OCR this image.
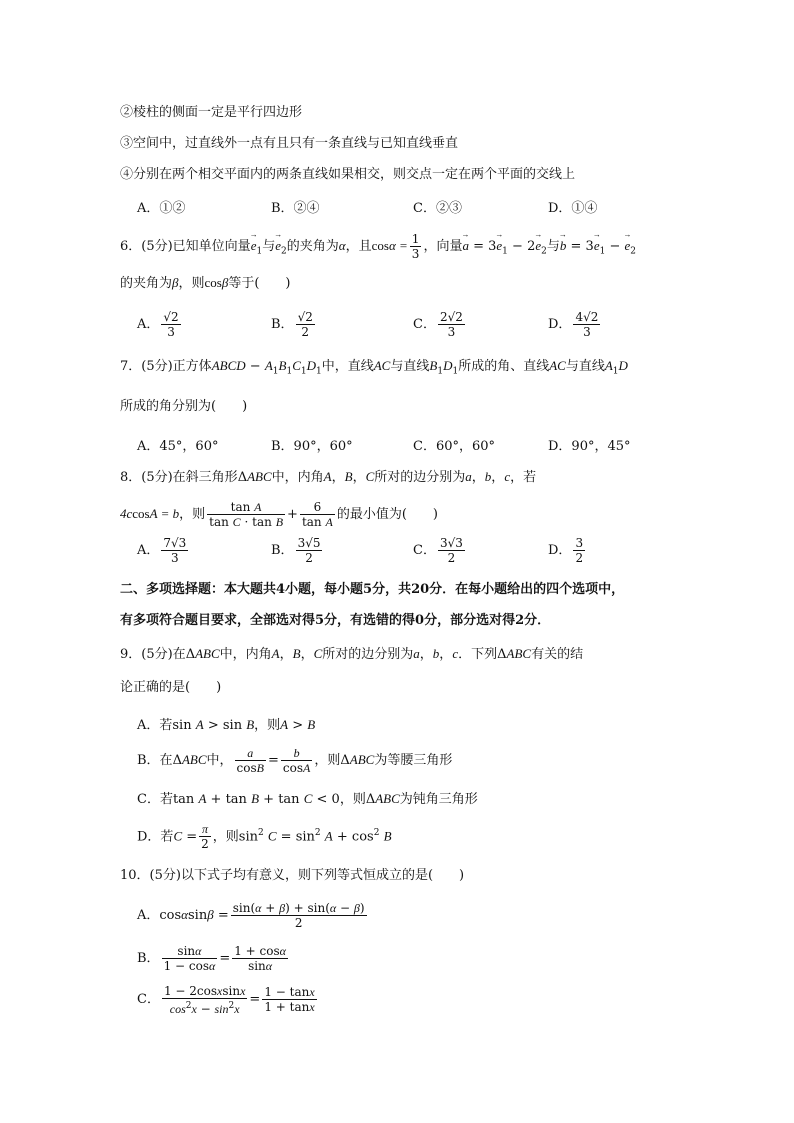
②棱柱的侧面一定是平行四边形
③空间中，过直线外一点有且只有一条直线与已知直线垂直
④分别在两个相交平面内的两条直线如果相交，则交点一定在两个平面的交线上
A．①②	B．②④	C．②③	D．①④
6．(5分)已知单位向量→ $e_1$与→ $e_2$的夹角为α，且$\cos\alpha = \frac{1}{3}$ ，向量→ $a = 3\to e_1 - 2\to e_2$与→ $b = 3\to e_1$ − → $e_2$
的夹角为β，则cosβ等于(　　)
A． $\frac{√2}{3}$	B． $\frac{√2}{2}$	C． $\frac{2√2}{3}$	D． $\frac{4√2}{3}$
7．(5分)正方体ABCD − $A_1B_1C_1D_1$中，直线AC与直线$B_1D_1$所成的角、直线AC与直线$A_1D$
所成的角分别为(　　)
A．45°，60°	B．90°，60°	C．60°，60°	D．90°，45°
8．(5分)在斜三角形ΔABC中，内角A，B，C所对的边分别为a，b，c，若
4ccosA = b，则 $\frac{\text{tan A}}{\text{tan C · tan B}} + \frac{6}{\text{tan A}}$ 的最小值为(　　)
A． $\frac{7√3}{3}$	B． $\frac{3√5}{2}$	C． $\frac{3√3}{2}$	D． $\frac{3}{2}$
二、多项选择题：本大题共4小题，每小题5分，共20分．在每小题给出的四个选项中，
有多项符合题目要求，全部选对得5分，有选错的得0分，部分选对得2分．
9．(5分)在ΔABC中，内角A，B，C所对的边分别为a，b，c．下列ΔABC有关的结
论正确的是(　　)
A．若sin A > sin B，则A > B
B．在ΔABC中， $\frac{a}{\cos B} = \frac{b}{\cos A}$ ，则ΔABC为等腰三角形
C．若tan A + tan B + tan C < 0，则ΔABC为钝角三角形
D．若$C = \frac{\pi}{2}$ ，则$\sin^2 C = \sin^2 A + \cos^2 B$
10．(5分)以下式子均有意义，则下列等式恒成立的是(　　)
A．$\cos\alpha\sin\beta = \frac{\sin(\alpha + \beta) + \sin(\alpha - \beta)}{2}$
B． $\frac{\sin\alpha}{1 - \cos\alpha} = \frac{1 + \cos\alpha}{\sin\alpha}$
C． $\frac{\text{1 − 2cosxsinx}}{\cos^2x - \sin^2x} = \frac{1 - \tan x}{1 + \tan x}$
